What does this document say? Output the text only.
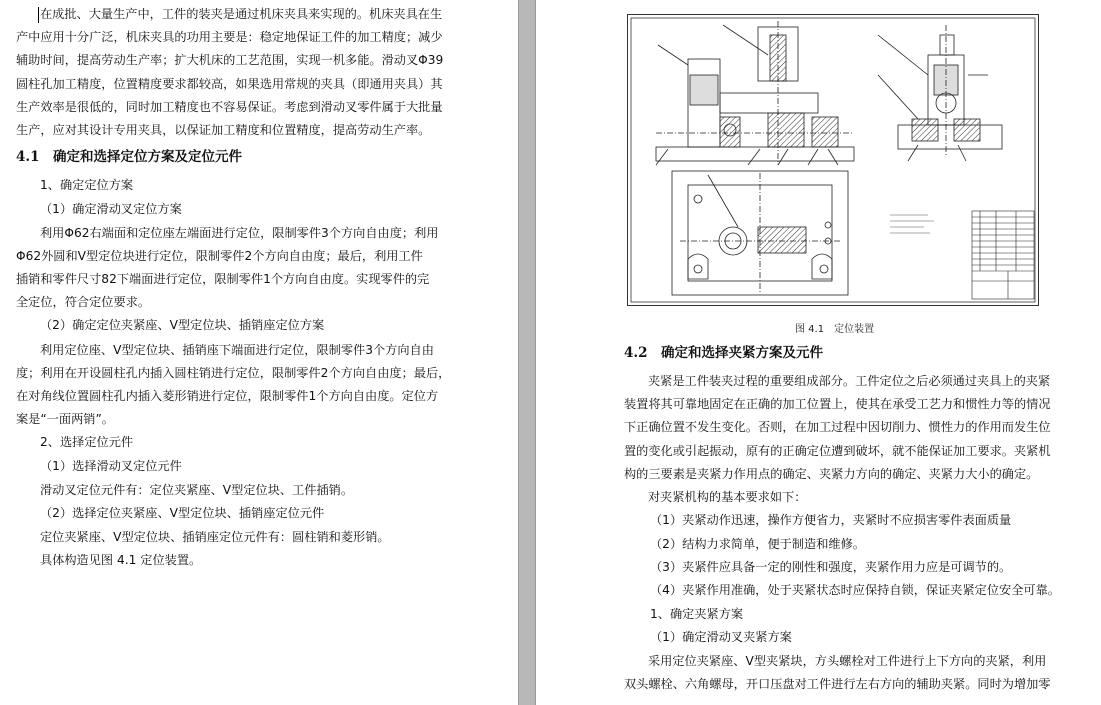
在成批、大量生产中，工件的装夹是通过机床夹具来实现的。机床夹具在生
产中应用十分广泛，机床夹具的功用主要是：稳定地保证工件的加工精度；减少
辅助时间，提高劳动生产率；扩大机床的工艺范围，实现一机多能。滑动叉Φ39
圆柱孔加工精度，位置精度要求都较高，如果选用常规的夹具（即通用夹具）其
生产效率是很低的，同时加工精度也不容易保证。考虑到滑动叉零件属于大批量
生产，应对其设计专用夹具，以保证加工精度和位置精度，提高劳动生产率。
4.1　确定和选择定位方案及定位元件
1、确定定位方案
（1）确定滑动叉定位方案
利用Φ62右端面和定位座左端面进行定位，限制零件3个方向自由度；利用
Φ62外圆和V型定位块进行定位，限制零件2个方向自由度；最后，利用工件
插销和零件尺寸82下端面进行定位，限制零件1个方向自由度。实现零件的完
全定位，符合定位要求。
（2）确定定位夹紧座、V型定位块、插销座定位方案
利用定位座、V型定位块、插销座下端面进行定位，限制零件3个方向自由
度；利用在开设圆柱孔内插入圆柱销进行定位，限制零件2个方向自由度；最后，
在对角线位置圆柱孔内插入菱形销进行定位，限制零件1个方向自由度。定位方
案是“一面两销”。
2、选择定位元件
（1）选择滑动叉定位元件
滑动叉定位元件有：定位夹紧座、V型定位块、工件插销。
（2）选择定位夹紧座、V型定位块、插销座定位元件
定位夹紧座、V型定位块、插销座定位元件有：圆柱销和菱形销。
具体构造见图 4.1 定位装置。
图 4.1　定位装置
4.2　确定和选择夹紧方案及元件
夹紧是工件装夹过程的重要组成部分。工件定位之后必须通过夹具上的夹紧
装置将其可靠地固定在正确的加工位置上，使其在承受工艺力和惯性力等的情况
下正确位置不发生变化。否则，在加工过程中因切削力、惯性力的作用而发生位
置的变化或引起振动，原有的正确定位遭到破坏，就不能保证加工要求。夹紧机
构的三要素是夹紧力作用点的确定、夹紧力方向的确定、夹紧力大小的确定。
对夹紧机构的基本要求如下：
（1）夹紧动作迅速，操作方便省力，夹紧时不应损害零件表面质量
（2）结构力求简单，便于制造和维修。
（3）夹紧件应具备一定的刚性和强度，夹紧作用力应是可调节的。
（4）夹紧作用准确，处于夹紧状态时应保持自锁，保证夹紧定位安全可靠。
1、确定夹紧方案
（1）确定滑动叉夹紧方案
采用定位夹紧座、V型夹紧块，方头螺栓对工件进行上下方向的夹紧，利用
双头螺栓、六角螺母，开口压盘对工件进行左右方向的辅助夹紧。同时为增加零
